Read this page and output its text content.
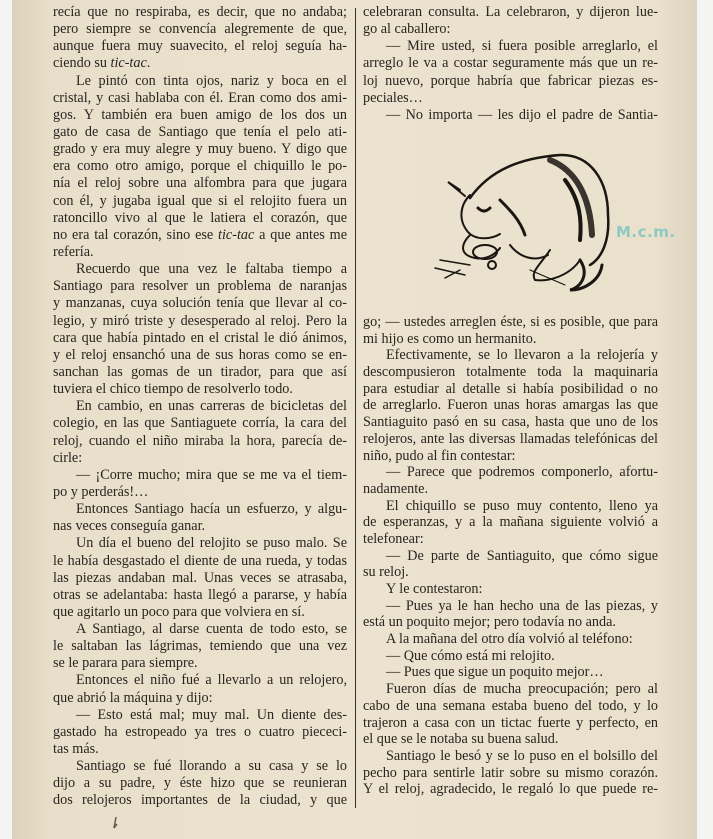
recía que no respiraba, es decir, que no andaba;
pero siempre se convencía alegremente de que,
aunque fuera muy suavecito, el reloj seguía ha-
ciendo su tic-tac.
Le pintó con tinta ojos, nariz y boca en el
cristal, y casi hablaba con él. Eran como dos ami-
gos. Y también era buen amigo de los dos un
gato de casa de Santiago que tenía el pelo ati-
grado y era muy alegre y muy bueno. Y digo que
era como otro amigo, porque el chiquillo le po-
nía el reloj sobre una alfombra para que jugara
con él, y jugaba igual que si el relojito fuera un
ratoncillo vivo al que le latiera el corazón, que
no era tal corazón, sino ese tic-tac a que antes me
refería.
Recuerdo que una vez le faltaba tiempo a
Santiago para resolver un problema de naranjas
y manzanas, cuya solución tenía que llevar al co-
legio, y miró triste y desesperado al reloj. Pero la
cara que había pintado en el cristal le dió ánimos,
y el reloj ensanchó una de sus horas como se en-
sanchan las gomas de un tirador, para que así
tuviera el chico tiempo de resolverlo todo.
En cambio, en unas carreras de bicicletas del
colegio, en las que Santiaguete corría, la cara del
reloj, cuando el niño miraba la hora, parecía de-
cirle:
— ¡Corre mucho; mira que se me va el tiem-
po y perderás!…
Entonces Santiago hacía un esfuerzo, y algu-
nas veces conseguía ganar.
Un día el bueno del relojito se puso malo. Se
le había desgastado el diente de una rueda, y todas
las piezas andaban mal. Unas veces se atrasaba,
otras se adelantaba: hasta llegó a pararse, y había
que agitarlo un poco para que volviera en sí.
A Santiago, al darse cuenta de todo esto, se
le saltaban las lágrimas, temiendo que una vez
se le parara para siempre.
Entonces el niño fué a llevarlo a un relojero,
que abrió la máquina y dijo:
— Esto está mal; muy mal. Un diente des-
gastado ha estropeado ya tres o cuatro piececi-
tas más.
Santiago se fué llorando a su casa y se lo
dijo a su padre, y éste hizo que se reunieran
dos relojeros importantes de la ciudad, y que
celebraran consulta. La celebraron, y dijeron lue-
go al caballero:
— Mire usted, si fuera posible arreglarlo, el
arreglo le va a costar seguramente más que un re-
loj nuevo, porque habría que fabricar piezas es-
peciales…
— No importa — les dijo el padre de Santia-
M.c.m.
go; — ustedes arreglen éste, si es posible, que para
mi hijo es como un hermanito.
Efectivamente, se lo llevaron a la relojería y
descompusieron totalmente toda la maquinaria
para estudiar al detalle si había posibilidad o no
de arreglarlo. Fueron unas horas amargas las que
Santiaguito pasó en su casa, hasta que uno de los
relojeros, ante las diversas llamadas telefónicas del
niño, pudo al fin contestar:
— Parece que podremos componerlo, afortu-
nadamente.
El chiquillo se puso muy contento, lleno ya
de esperanzas, y a la mañana siguiente volvió a
telefonear:
— De parte de Santiaguito, que cómo sigue
su reloj.
Y le contestaron:
— Pues ya le han hecho una de las piezas, y
está un poquito mejor; pero todavía no anda.
A la mañana del otro día volvió al teléfono:
— Que cómo está mi relojito.
— Pues que sigue un poquito mejor…
Fueron días de mucha preocupación; pero al
cabo de una semana estaba bueno del todo, y lo
trajeron a casa con un tictac fuerte y perfecto, en
el que se le notaba su buena salud.
Santiago le besó y se lo puso en el bolsillo del
pecho para sentirle latir sobre su mismo corazón.
Y el reloj, agradecido, le regaló lo que puede re-
